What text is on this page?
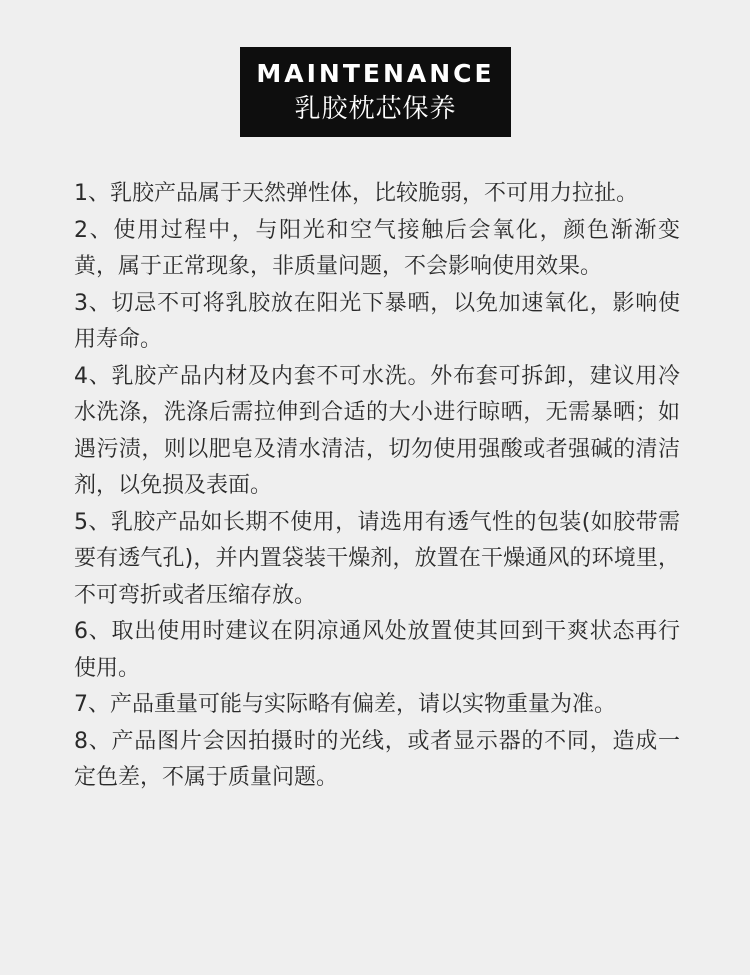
MAINTENANCE
乳胶枕芯保养

1、乳胶产品属于天然弹性体，比较脆弱，不可用力拉扯。

2、使用过程中，与阳光和空气接触后会氧化，颜色渐渐变黄，属于正常现象，非质量问题，不会影响使用效果。

3、切忌不可将乳胶放在阳光下暴晒，以免加速氧化，影响使用寿命。

4、乳胶产品内材及内套不可水洗。外布套可拆卸，建议用冷水洗涤，洗涤后需拉伸到合适的大小进行晾晒，无需暴晒；如遇污渍，则以肥皂及清水清洁，切勿使用强酸或者强碱的清洁剂，以免损及表面。

5、乳胶产品如长期不使用，请选用有透气性的包装(如胶带需要有透气孔)，并内置袋装干燥剂，放置在干燥通风的环境里，不可弯折或者压缩存放。

6、取出使用时建议在阴凉通风处放置使其回到干爽状态再行使用。

7、产品重量可能与实际略有偏差，请以实物重量为准。

8、产品图片会因拍摄时的光线，或者显示器的不同，造成一定色差，不属于质量问题。
